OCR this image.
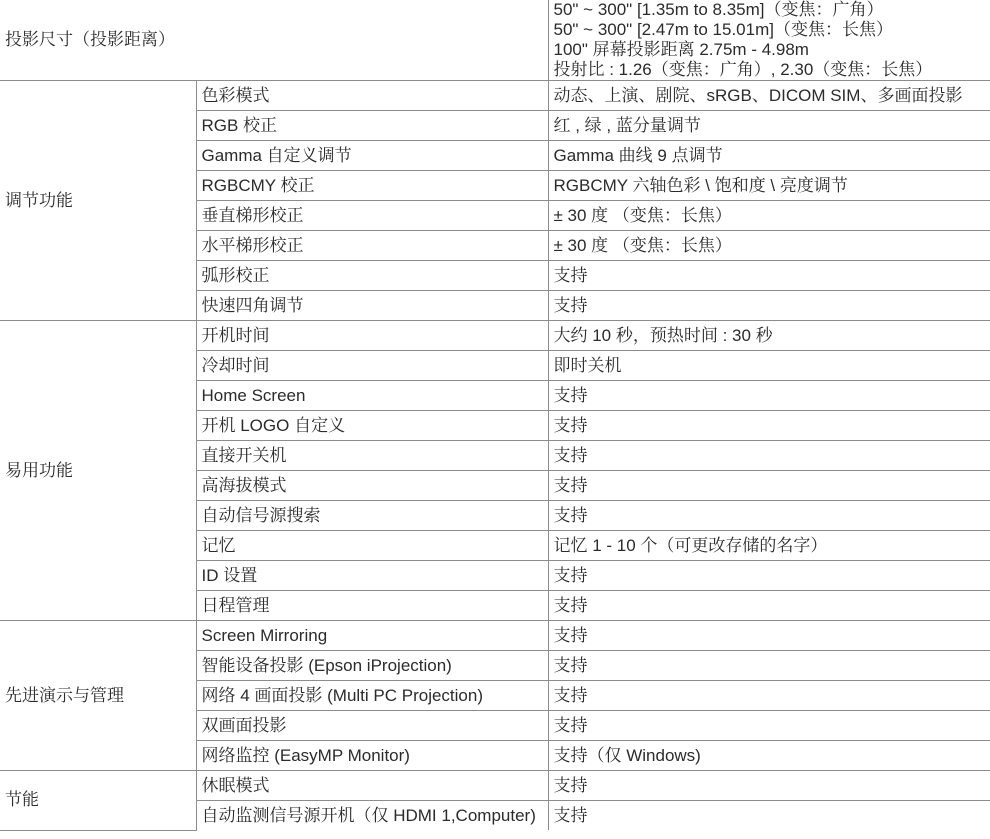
投影尺寸（投影距离）		50" ~ 300" [1.35m to 8.35m]（变焦：广角）
50" ~ 300" [2.47m to 15.01m]（变焦：长焦）
100" 屏幕投影距离 2.75m - 4.98m
投射比 : 1.26（变焦：广角）, 2.30（变焦：长焦）

调节功能	色彩模式	动态、上演、剧院、sRGB、DICOM SIM、多画面投影
	RGB 校正	红 , 绿 , 蓝分量调节
	Gamma 自定义调节	Gamma 曲线 9 点调节
	RGBCMY 校正	RGBCMY 六轴色彩 \ 饱和度 \ 亮度调节
	垂直梯形校正	± 30 度 （变焦：长焦）
	水平梯形校正	± 30 度 （变焦：长焦）
	弧形校正	支持
	快速四角调节	支持
易用功能	开机时间	大约 10 秒，预热时间 : 30 秒
	冷却时间	即时关机
	Home Screen	支持
	开机 LOGO 自定义	支持
	直接开关机	支持
	高海拔模式	支持
	自动信号源搜索	支持
	记忆	记忆 1 - 10 个（可更改存储的名字）
	ID 设置	支持
	日程管理	支持
先进演示与管理	Screen Mirroring	支持
	智能设备投影 (Epson iProjection)	支持
	网络 4 画面投影 (Multi PC Projection)	支持
	双画面投影	支持
	网络监控 (EasyMP Monitor)	支持（仅 Windows)
节能	休眠模式	支持
	自动监测信号源开机（仅 HDMI 1,Computer)	支持
